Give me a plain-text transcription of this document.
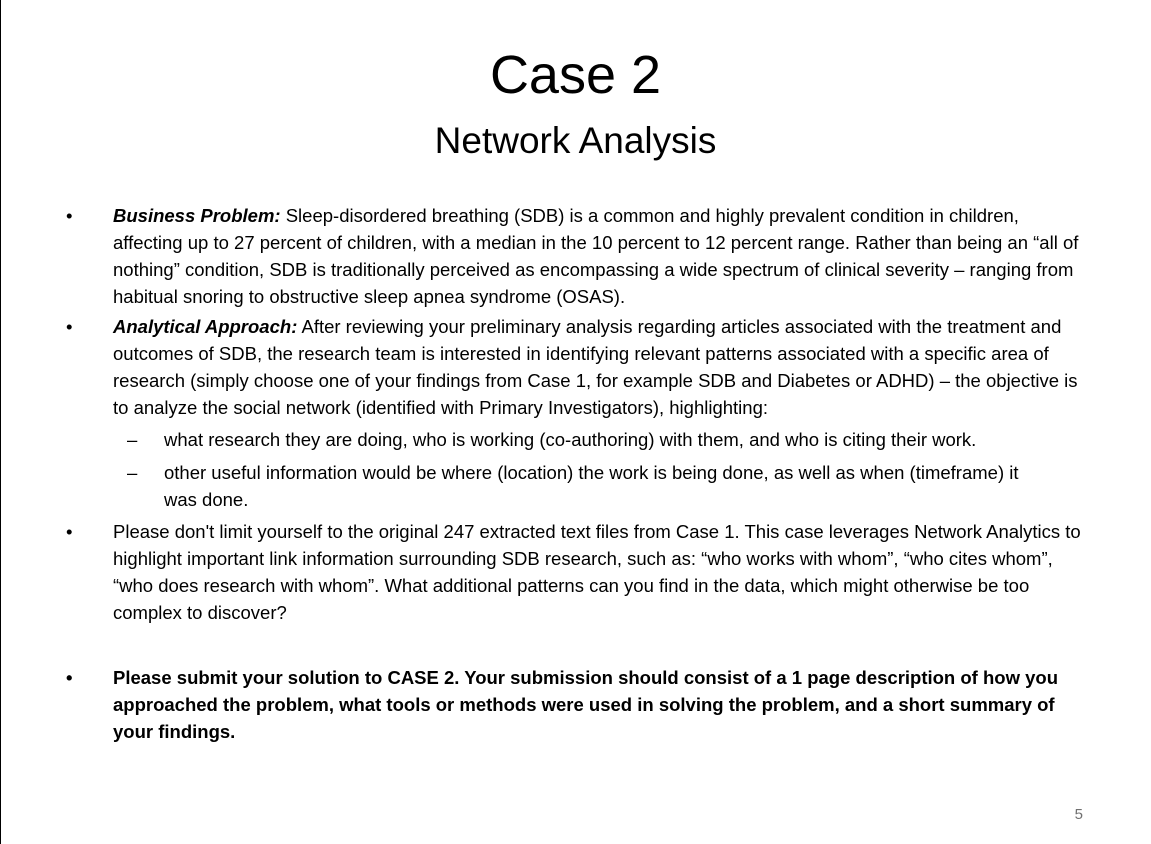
Case 2
Network Analysis
• Business Problem: Sleep-disordered breathing (SDB) is a common and highly prevalent condition in children, affecting up to 27 percent of children, with a median in the 10 percent to 12 percent range. Rather than being an “all of nothing” condition, SDB is traditionally perceived as encompassing a wide spectrum of clinical severity – ranging from habitual snoring to obstructive sleep apnea syndrome (OSAS).
• Analytical Approach: After reviewing your preliminary analysis regarding articles associated with the treatment and outcomes of SDB, the research team is interested in identifying relevant patterns associated with a specific area of research (simply choose one of your findings from Case 1, for example SDB and Diabetes or ADHD) – the objective is to analyze the social network (identified with Primary Investigators), highlighting:
– what research they are doing, who is working (co-authoring) with them, and who is citing their work.
– other useful information would be where (location) the work is being done, as well as when (timeframe) it was done.
• Please don't limit yourself to the original 247 extracted text files from Case 1. This case leverages Network Analytics to highlight important link information surrounding SDB research, such as: “who works with whom”, “who cites whom”, “who does research with whom”. What additional patterns can you find in the data, which might otherwise be too complex to discover?
• Please submit your solution to CASE 2. Your submission should consist of a 1 page description of how you approached the problem, what tools or methods were used in solving the problem, and a short summary of your findings.
5
